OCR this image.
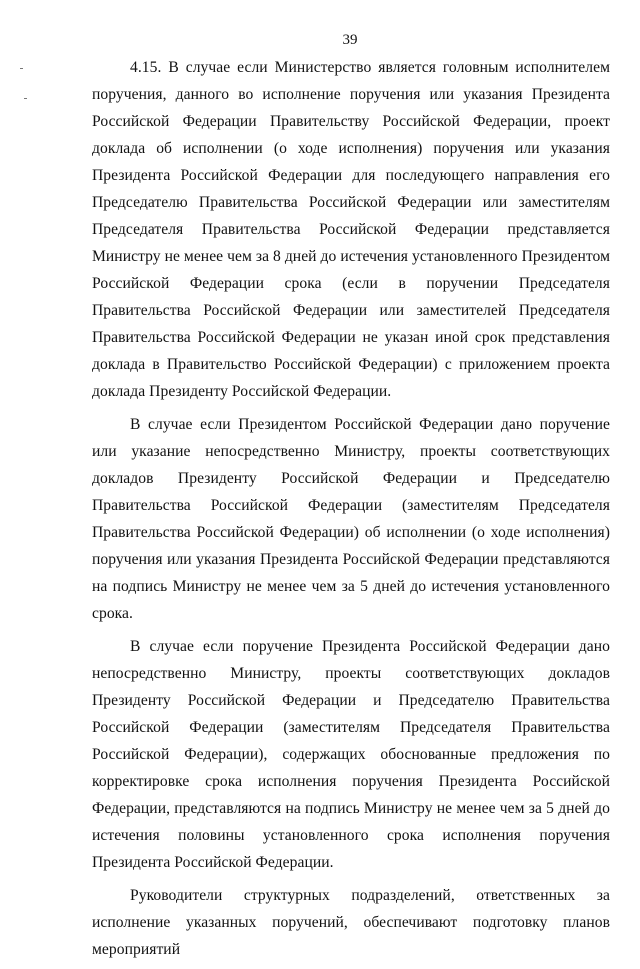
39

4.15. В случае если Министерство является головным исполнителем поручения, данного во исполнение поручения или указания Президента Российской Федерации Правительству Российской Федерации, проект доклада об исполнении (о ходе исполнения) поручения или указания Президента Российской Федерации для последующего направления его Председателю Правительства Российской Федерации или заместителям Председателя Правительства Российской Федерации представляется Министру не менее чем за 8 дней до истечения установленного Президентом Российской Федерации срока (если в поручении Председателя Правительства Российской Федерации или заместителей Председателя Правительства Российской Федерации не указан иной срок представления доклада в Правительство Российской Федерации) с приложением проекта доклада Президенту Российской Федерации.

В случае если Президентом Российской Федерации дано поручение или указание непосредственно Министру, проекты соответствующих докладов Президенту Российской Федерации и Председателю Правительства Российской Федерации (заместителям Председателя Правительства Российской Федерации) об исполнении (о ходе исполнения) поручения или указания Президента Российской Федерации представляются на подпись Министру не менее чем за 5 дней до истечения установленного срока.

В случае если поручение Президента Российской Федерации дано непосредственно Министру, проекты соответствующих докладов Президенту Российской Федерации и Председателю Правительства Российской Федерации (заместителям Председателя Правительства Российской Федерации), содержащих обоснованные предложения по корректировке срока исполнения поручения Президента Российской Федерации, представляются на подпись Министру не менее чем за 5 дней до истечения половины установленного срока исполнения поручения Президента Российской Федерации.

Руководители структурных подразделений, ответственных за исполнение указанных поручений, обеспечивают подготовку планов мероприятий
